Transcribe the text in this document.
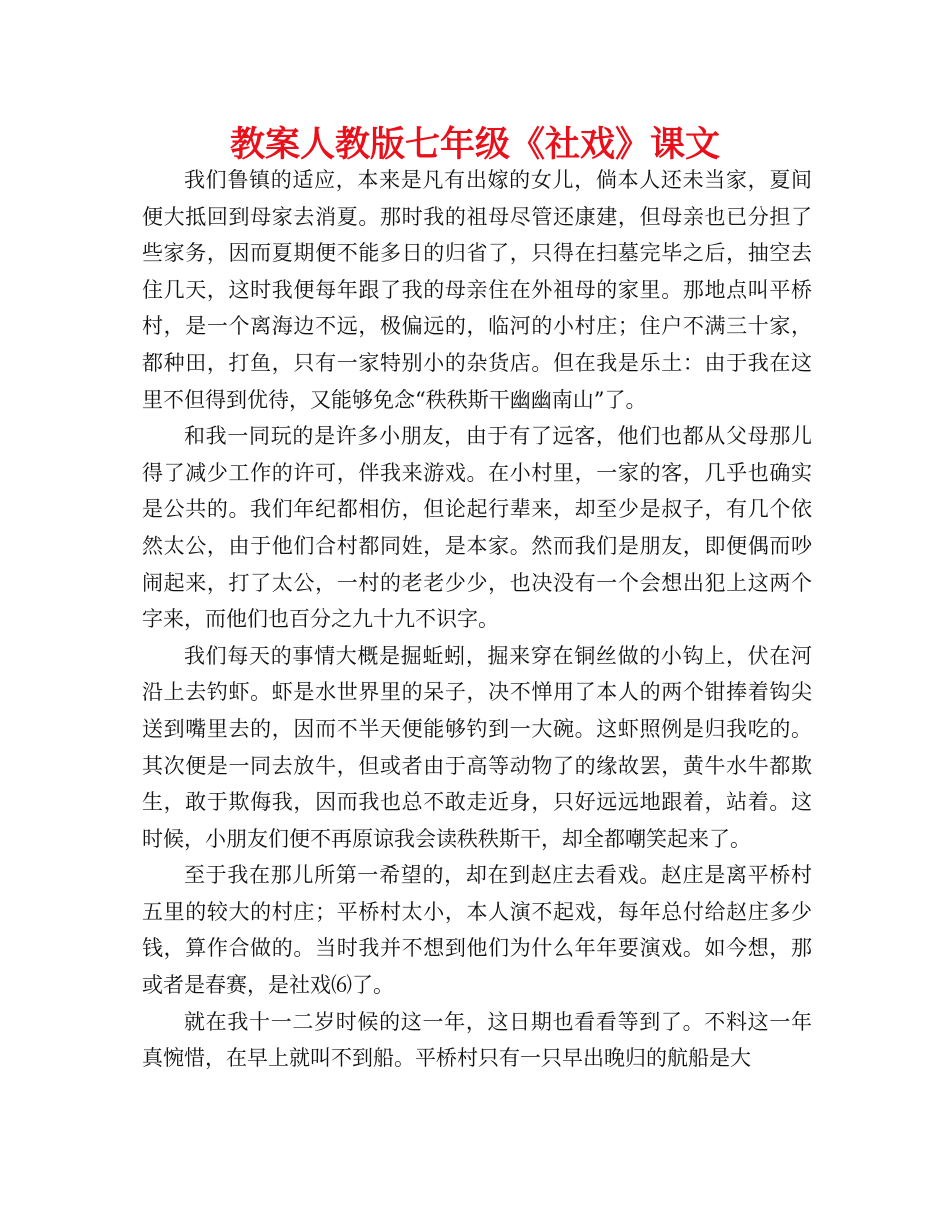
教案人教版七年级《社戏》课文

我们鲁镇的适应，本来是凡有出嫁的女儿，倘本人还未当家，夏间便大抵回到母家去消夏。那时我的祖母尽管还康建，但母亲也已分担了些家务，因而夏期便不能多日的归省了，只得在扫墓完毕之后，抽空去住几天，这时我便每年跟了我的母亲住在外祖母的家里。那地点叫平桥村，是一个离海边不远，极偏远的，临河的小村庄；住户不满三十家，都种田，打鱼，只有一家特别小的杂货店。但在我是乐土：由于我在这里不但得到优待，又能够免念“秩秩斯干幽幽南山”了。

和我一同玩的是许多小朋友，由于有了远客，他们也都从父母那儿得了减少工作的许可，伴我来游戏。在小村里，一家的客，几乎也确实是公共的。我们年纪都相仿，但论起行辈来，却至少是叔子，有几个依然太公，由于他们合村都同姓，是本家。然而我们是朋友，即便偶而吵闹起来，打了太公，一村的老老少少，也决没有一个会想出犯上这两个字来，而他们也百分之九十九不识字。

我们每天的事情大概是掘蚯蚓，掘来穿在铜丝做的小钩上，伏在河沿上去钓虾。虾是水世界里的呆子，决不惮用了本人的两个钳捧着钩尖送到嘴里去的，因而不半天便能够钓到一大碗。这虾照例是归我吃的。其次便是一同去放牛，但或者由于高等动物了的缘故罢，黄牛水牛都欺生，敢于欺侮我，因而我也总不敢走近身，只好远远地跟着，站着。这时候，小朋友们便不再原谅我会读秩秩斯干，却全都嘲笑起来了。

至于我在那儿所第一希望的，却在到赵庄去看戏。赵庄是离平桥村五里的较大的村庄；平桥村太小，本人演不起戏，每年总付给赵庄多少钱，算作合做的。当时我并不想到他们为什么年年要演戏。如今想，那或者是春赛，是社戏⑹了。

就在我十一二岁时候的这一年，这日期也看看等到了。不料这一年真惋惜，在早上就叫不到船。平桥村只有一只早出晚归的航船是大
